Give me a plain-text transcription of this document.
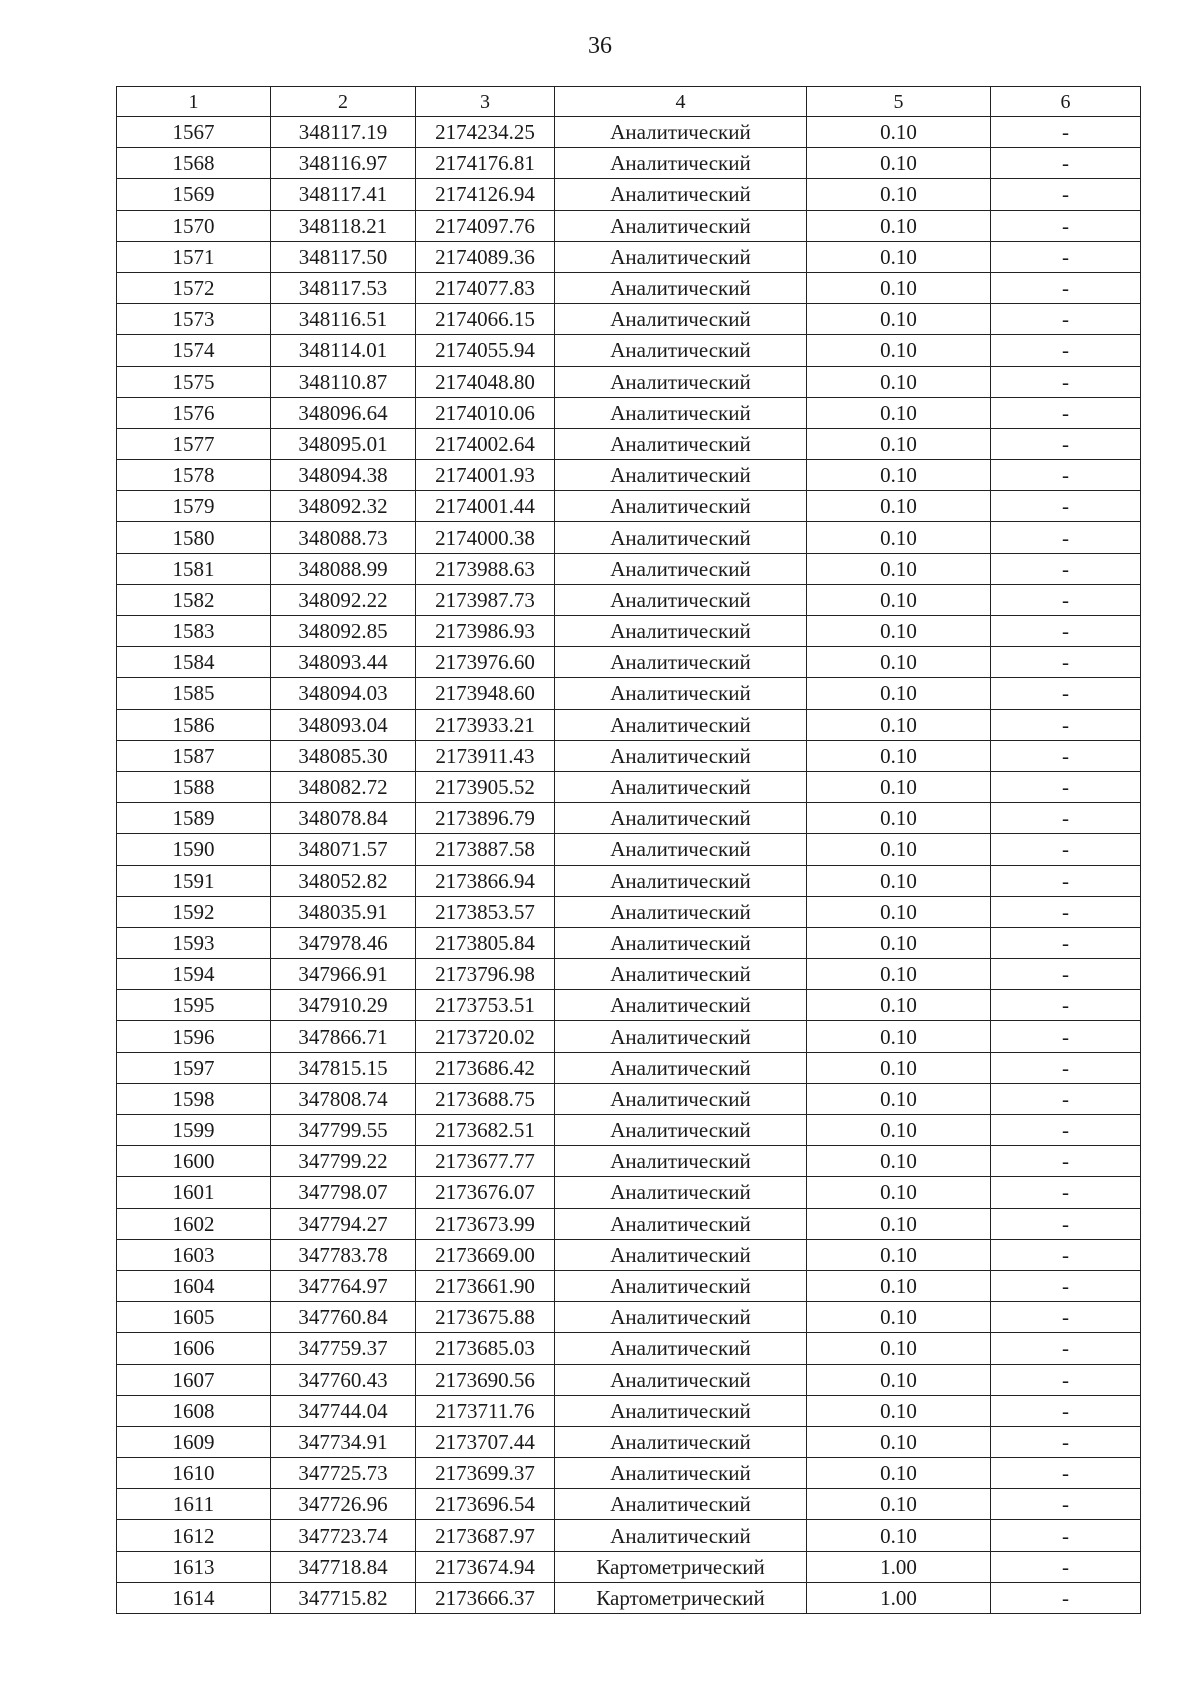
36
1	2	3	4	5	6
1567	348117.19	2174234.25	Аналитический	0.10	-
1568	348116.97	2174176.81	Аналитический	0.10	-
1569	348117.41	2174126.94	Аналитический	0.10	-
1570	348118.21	2174097.76	Аналитический	0.10	-
1571	348117.50	2174089.36	Аналитический	0.10	-
1572	348117.53	2174077.83	Аналитический	0.10	-
1573	348116.51	2174066.15	Аналитический	0.10	-
1574	348114.01	2174055.94	Аналитический	0.10	-
1575	348110.87	2174048.80	Аналитический	0.10	-
1576	348096.64	2174010.06	Аналитический	0.10	-
1577	348095.01	2174002.64	Аналитический	0.10	-
1578	348094.38	2174001.93	Аналитический	0.10	-
1579	348092.32	2174001.44	Аналитический	0.10	-
1580	348088.73	2174000.38	Аналитический	0.10	-
1581	348088.99	2173988.63	Аналитический	0.10	-
1582	348092.22	2173987.73	Аналитический	0.10	-
1583	348092.85	2173986.93	Аналитический	0.10	-
1584	348093.44	2173976.60	Аналитический	0.10	-
1585	348094.03	2173948.60	Аналитический	0.10	-
1586	348093.04	2173933.21	Аналитический	0.10	-
1587	348085.30	2173911.43	Аналитический	0.10	-
1588	348082.72	2173905.52	Аналитический	0.10	-
1589	348078.84	2173896.79	Аналитический	0.10	-
1590	348071.57	2173887.58	Аналитический	0.10	-
1591	348052.82	2173866.94	Аналитический	0.10	-
1592	348035.91	2173853.57	Аналитический	0.10	-
1593	347978.46	2173805.84	Аналитический	0.10	-
1594	347966.91	2173796.98	Аналитический	0.10	-
1595	347910.29	2173753.51	Аналитический	0.10	-
1596	347866.71	2173720.02	Аналитический	0.10	-
1597	347815.15	2173686.42	Аналитический	0.10	-
1598	347808.74	2173688.75	Аналитический	0.10	-
1599	347799.55	2173682.51	Аналитический	0.10	-
1600	347799.22	2173677.77	Аналитический	0.10	-
1601	347798.07	2173676.07	Аналитический	0.10	-
1602	347794.27	2173673.99	Аналитический	0.10	-
1603	347783.78	2173669.00	Аналитический	0.10	-
1604	347764.97	2173661.90	Аналитический	0.10	-
1605	347760.84	2173675.88	Аналитический	0.10	-
1606	347759.37	2173685.03	Аналитический	0.10	-
1607	347760.43	2173690.56	Аналитический	0.10	-
1608	347744.04	2173711.76	Аналитический	0.10	-
1609	347734.91	2173707.44	Аналитический	0.10	-
1610	347725.73	2173699.37	Аналитический	0.10	-
1611	347726.96	2173696.54	Аналитический	0.10	-
1612	347723.74	2173687.97	Аналитический	0.10	-
1613	347718.84	2173674.94	Картометрический	1.00	-
1614	347715.82	2173666.37	Картометрический	1.00	-
